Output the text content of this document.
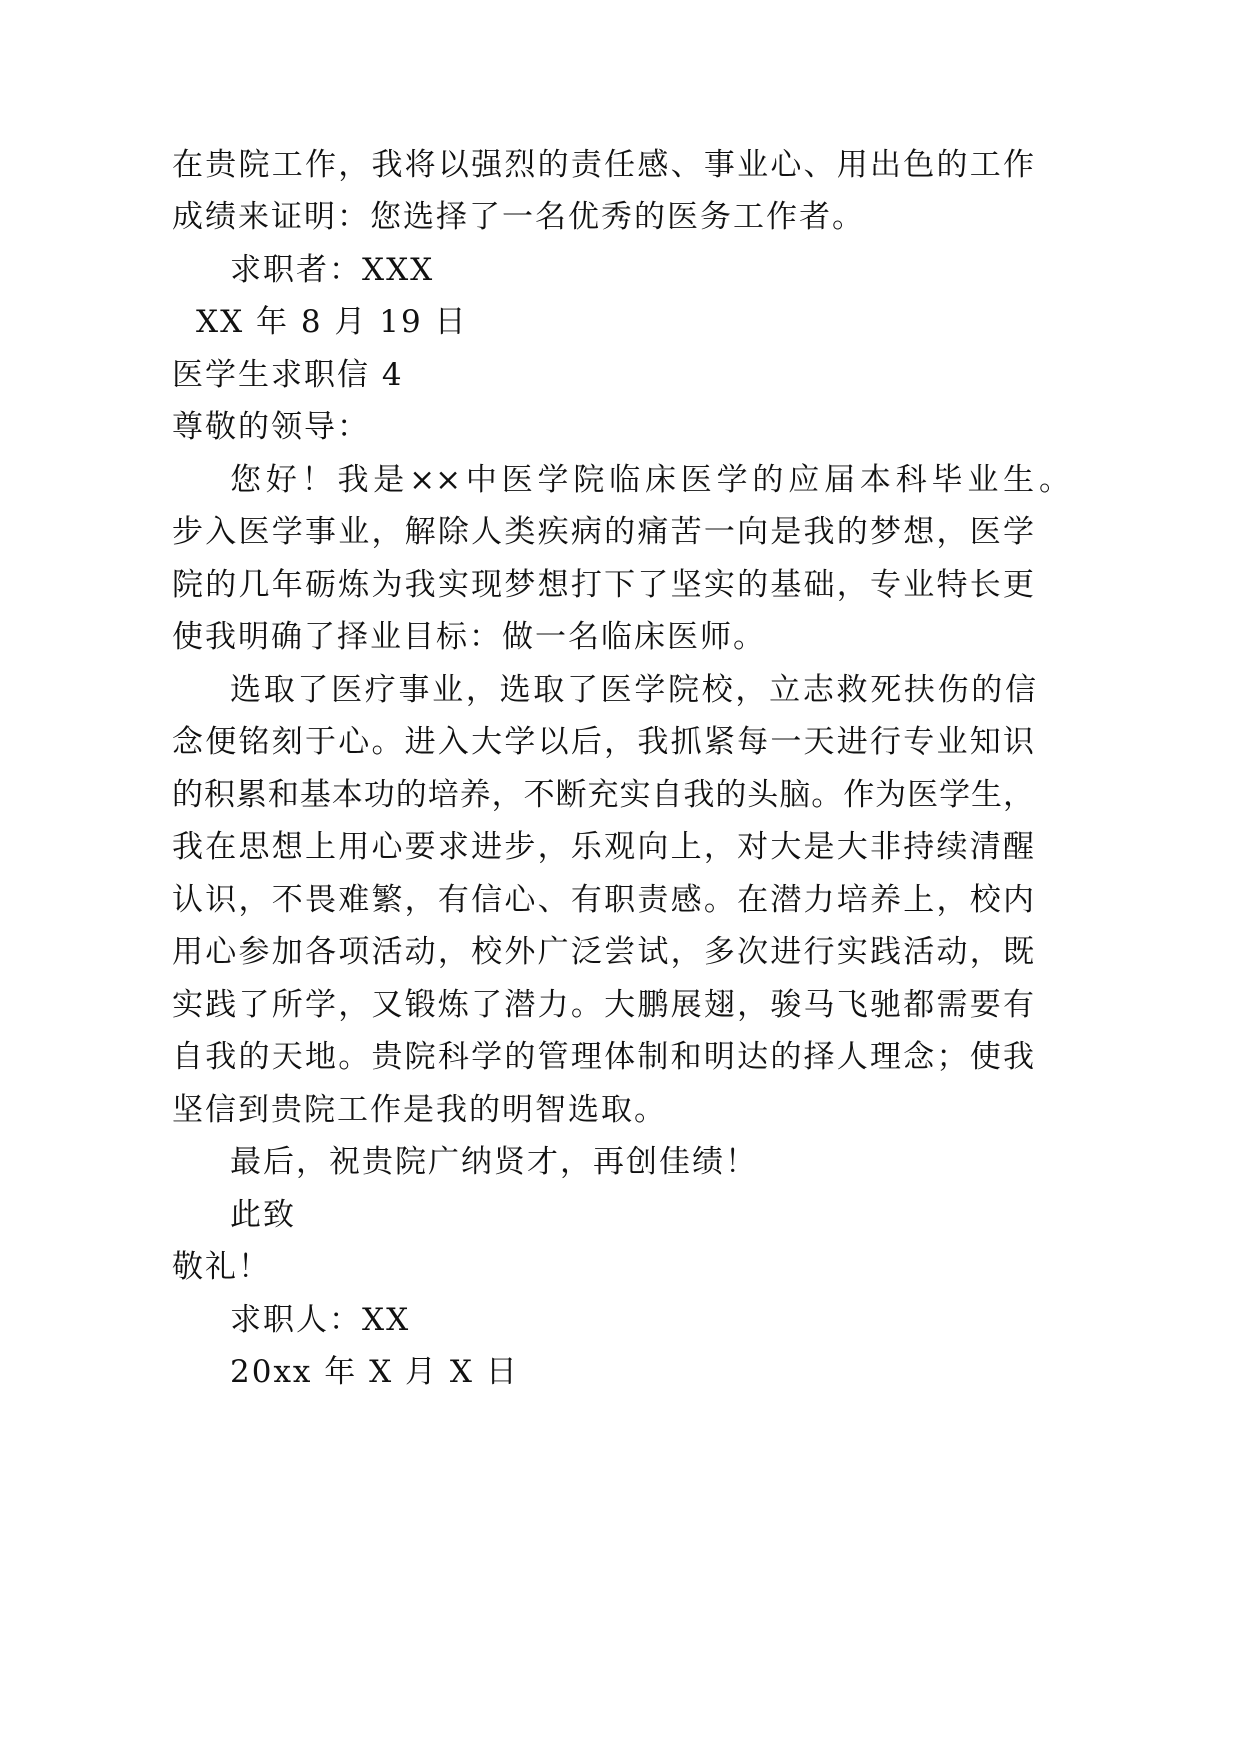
在贵院工作，我将以强烈的责任感、事业心、用出色的工作
成绩来证明：您选择了一名优秀的医务工作者。
求职者：XXX
XX 年 8 月 19 日
医学生求职信 4
尊敬的领导：
您好！我是××中医学院临床医学的应届本科毕业生。
步入医学事业，解除人类疾病的痛苦一向是我的梦想，医学
院的几年砺炼为我实现梦想打下了坚实的基础，专业特长更
使我明确了择业目标：做一名临床医师。
选取了医疗事业，选取了医学院校，立志救死扶伤的信
念便铭刻于心。进入大学以后，我抓紧每一天进行专业知识
的积累和基本功的培养，不断充实自我的头脑。作为医学生，
我在思想上用心要求进步，乐观向上，对大是大非持续清醒
认识，不畏难繁，有信心、有职责感。在潜力培养上，校内
用心参加各项活动，校外广泛尝试，多次进行实践活动，既
实践了所学，又锻炼了潜力。大鹏展翅，骏马飞驰都需要有
自我的天地。贵院科学的管理体制和明达的择人理念；使我
坚信到贵院工作是我的明智选取。
最后，祝贵院广纳贤才，再创佳绩！
此致
敬礼！
求职人：XX
20xx 年 X 月 X 日
